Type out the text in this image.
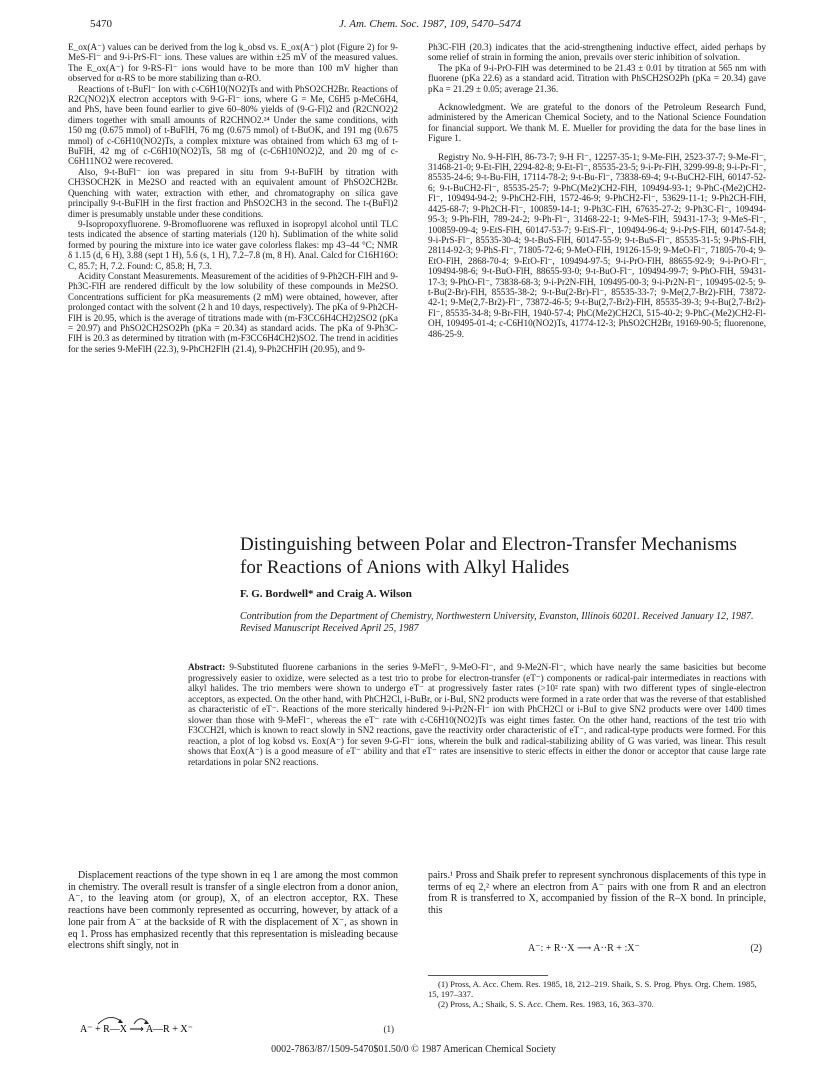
5470	J. Am. Chem. Soc. 1987, 109, 5470–5474

E_ox(A⁻) values can be derived from the log k_obsd vs. E_ox(A⁻) plot (Figure 2) for 9-MeS-Fl⁻ and 9-i-PrS-Fl⁻ ions. These values are within ±25 mV of the measured values. The E_ox(A⁻) for 9-RS-Fl⁻ ions would have to be more than 100 mV higher than observed for α-RS to be more stabilizing than α-RO.

Reactions of t-BuFl⁻ Ion with c-C6H10(NO2)Ts and with PhSO2CH2Br. Reactions of R2C(NO2)X electron acceptors with 9-G-Fl⁻ ions, where G = Me, C6H5 p-MeC6H4, and PhS, have been found earlier to give 60–80% yields of (9-G-Fl)2 and (R2CNO2)2 dimers together with small amounts of R2CHNO2.²⁴ Under the same conditions, with 150 mg (0.675 mmol) of t-BuFlH, 76 mg (0.675 mmol) of t-BuOK, and 191 mg (0.675 mmol) of c-C6H10(NO2)Ts, a complex mixture was obtained from which 63 mg of t-BuFlH, 42 mg of c-C6H10(NO2)Ts, 58 mg of (c-C6H10NO2)2, and 20 mg of c-C6H11NO2 were recovered.

Also, 9-t-BuFl⁻ ion was prepared in situ from 9-t-BuFlH by titration with CH3SOCH2K in Me2SO and reacted with an equivalent amount of PhSO2CH2Br. Quenching with water, extraction with ether, and chromatography on silica gave principally 9-t-BuFlH in the first fraction and PhSO2CH3 in the second. The t-(BuFl)2 dimer is presumably unstable under these conditions.

9-Isopropoxyfluorene. 9-Bromofluorene was refluxed in isopropyl alcohol until TLC tests indicated the absence of starting materials (120 h). Sublimation of the white solid formed by pouring the mixture into ice water gave colorless flakes: mp 43–44 °C; NMR δ 1.15 (d, 6 H), 3.88 (sept 1 H), 5.6 (s, 1 H), 7.2–7.8 (m, 8 H). Anal. Calcd for C16H16O: C, 85.7; H, 7.2. Found: C, 85.8; H, 7.3.

Acidity Constant Measurements. Measurement of the acidities of 9-Ph2CH-FlH and 9-Ph3C-FlH are rendered difficult by the low solubility of these compounds in Me2SO. Concentrations sufficient for pKa measurements (2 mM) were obtained, however, after prolonged contact with the solvent (2 h and 10 days, respectively). The pKa of 9-Ph2CH-FlH is 20.95, which is the average of titrations made with (m-F3CC6H4CH2)2SO2 (pKa = 20.97) and PhSO2CH2SO2Ph (pKa = 20.34) as standard acids. The pKa of 9-Ph3C-FlH is 20.3 as determined by titration with (m-F3CC6H4CH2)SO2. The trend in acidities for the series 9-MeFlH (22.3), 9-PhCH2FlH (21.4), 9-Ph2CHFlH (20.95), and 9-

Ph3C-FlH (20.3) indicates that the acid-strengthening inductive effect, aided perhaps by some relief of strain in forming the anion, prevails over steric inhibition of solvation.

The pKa of 9-i-PrO-FlH was determined to be 21.43 ± 0.01 by titration at 565 nm with fluorene (pKa 22.6) as a standard acid. Titration with PhSCH2SO2Ph (pKa = 20.34) gave pKa = 21.29 ± 0.05; average 21.36.

Acknowledgment. We are grateful to the donors of the Petroleum Research Fund, administered by the American Chemical Society, and to the National Science Foundation for financial support. We thank M. E. Mueller for providing the data for the base lines in Figure 1.

Registry No. 9-H-FlH, 86-73-7; 9-H Fl⁻, 12257-35-1; 9-Me-FlH, 2523-37-7; 9-Me-Fl⁻, 31468-21-0; 9-Et-FlH, 2294-82-8; 9-Et-Fl⁻, 85535-23-5; 9-i-Pr-FlH, 3299-99-8; 9-i-Pr-Fl⁻, 85535-24-6; 9-t-Bu-FlH, 17114-78-2; 9-t-Bu-Fl⁻, 73838-69-4; 9-t-BuCH2-FlH, 60147-52-6; 9-t-BuCH2-Fl⁻, 85535-25-7; 9-PhC(Me2)CH2-FlH, 109494-93-1; 9-PhC-(Me2)CH2-Fl⁻, 109494-94-2; 9-PhCH2-FlH, 1572-46-9; 9-PhCH2-Fl⁻, 53629-11-1; 9-Ph2CH-FlH, 4425-68-7; 9-Ph2CH-Fl⁻, 100859-14-1; 9-Ph3C-FlH, 67635-27-2; 9-Ph3C-Fl⁻, 109494-95-3; 9-Ph-FlH, 789-24-2; 9-Ph-Fl⁻, 31468-22-1; 9-MeS-FlH, 59431-17-3; 9-MeS-Fl⁻, 100859-09-4; 9-EtS-FlH, 60147-53-7; 9-EtS-Fl⁻, 109494-96-4; 9-i-PrS-FlH, 60147-54-8; 9-i-PrS-Fl⁻, 85535-30-4; 9-t-BuS-FlH, 60147-55-9; 9-t-BuS-Fl⁻, 85535-31-5; 9-PhS-FlH, 28114-92-3; 9-PhS-Fl⁻, 71805-72-6; 9-MeO-FlH, 19126-15-9; 9-MeO-Fl⁻, 71805-70-4; 9-EtO-FlH, 2868-70-4; 9-EtO-Fl⁻, 109494-97-5; 9-i-PrO-FlH, 88655-92-9; 9-i-PrO-Fl⁻, 109494-98-6; 9-t-BuO-FlH, 88655-93-0; 9-t-BuO-Fl⁻, 109494-99-7; 9-PhO-FlH, 59431-17-3; 9-PhO-Fl⁻, 73838-68-3; 9-i-Pr2N-FlH, 109495-00-3; 9-i-Pr2N-Fl⁻, 109495-02-5; 9-t-Bu(2-Br)-FlH, 85535-38-2; 9-t-Bu(2-Br)-Fl⁻, 85535-33-7; 9-Me(2,7-Br2)-FlH, 73872-42-1; 9-Me(2,7-Br2)-Fl⁻, 73872-46-5; 9-t-Bu(2,7-Br2)-FlH, 85535-39-3; 9-t-Bu(2,7-Br2)-Fl⁻, 85535-34-8; 9-Br-FlH, 1940-57-4; PhC(Me2)CH2Cl, 515-40-2; 9-PhC-(Me2)CH2-Fl-OH, 109495-01-4; c-C6H10(NO2)Ts, 41774-12-3; PhSO2CH2Br, 19169-90-5; fluorenone, 486-25-9.

Distinguishing between Polar and Electron-Transfer Mechanisms for Reactions of Anions with Alkyl Halides
F. G. Bordwell* and Craig A. Wilson
Contribution from the Department of Chemistry, Northwestern University, Evanston, Illinois 60201. Received January 12, 1987. Revised Manuscript Received April 25, 1987
Abstract: 9-Substituted fluorene carbanions in the series 9-MeFl⁻, 9-MeO-Fl⁻, and 9-Me2N-Fl⁻, which have nearly the same basicities but become progressively easier to oxidize, were selected as a test trio to probe for electron-transfer (eT⁻) components or radical-pair intermediates in reactions with alkyl halides. The trio members were shown to undergo eT⁻ at progressively faster rates (>10² rate span) with two different types of single-electron acceptors, as expected. On the other hand, with PhCH2Cl, i-BuBr, or i-BuI, SN2 products were formed in a rate order that was the reverse of that established as characteristic of eT⁻. Reactions of the more sterically hindered 9-i-Pr2N-Fl⁻ ion with PhCH2Cl or i-BuI to give SN2 products were over 1400 times slower than those with 9-MeFl⁻, whereas the eT⁻ rate with c-C6H10(NO2)Ts was eight times faster. On the other hand, reactions of the test trio with F3CCH2I, which is known to react slowly in SN2 reactions, gave the reactivity order characteristic of eT⁻, and radical-type products were formed. For this reaction, a plot of log kobsd vs. Eox(A⁻) for seven 9-G-Fl⁻ ions, wherein the bulk and radical-stabilizing ability of G was varied, was linear. This result shows that Eox(A⁻) is a good measure of eT⁻ ability and that eT⁻ rates are insensitive to steric effects in either the donor or acceptor that cause large rate retardations in polar SN2 reactions.

Displacement reactions of the type shown in eq 1 are among the most common in chemistry. The overall result is transfer of a single electron from a donor anion, A⁻, to the leaving atom (or group), X, of an electron acceptor, RX. These reactions have been commonly represented as occurring, however, by attack of a lone pair from A⁻ at the backside of R with the displacement of X⁻, as shown in eq 1. Pross has emphasized recently that this representation is misleading because electrons shift singly, not in

A⁻ + R—X ⟶ A—R + X⁻	(1)

pairs.¹ Pross and Shaik prefer to represent synchronous displacements of this type in terms of eq 2,² where an electron from A⁻ pairs with one from R and an electron from R is transferred to X, accompanied by fission of the R–X bond. In principle, this

A⁻: + R··X ⟶ A··R + :X⁻	(2)

(1) Pross, A. Acc. Chem. Res. 1985, 18, 212–219. Shaik, S. S. Prog. Phys. Org. Chem. 1985, 15, 197–337.

(2) Pross, A.; Shaik, S. S. Acc. Chem. Res. 1983, 16, 363–370.

0002-7863/87/1509-5470$01.50/0 © 1987 American Chemical Society
